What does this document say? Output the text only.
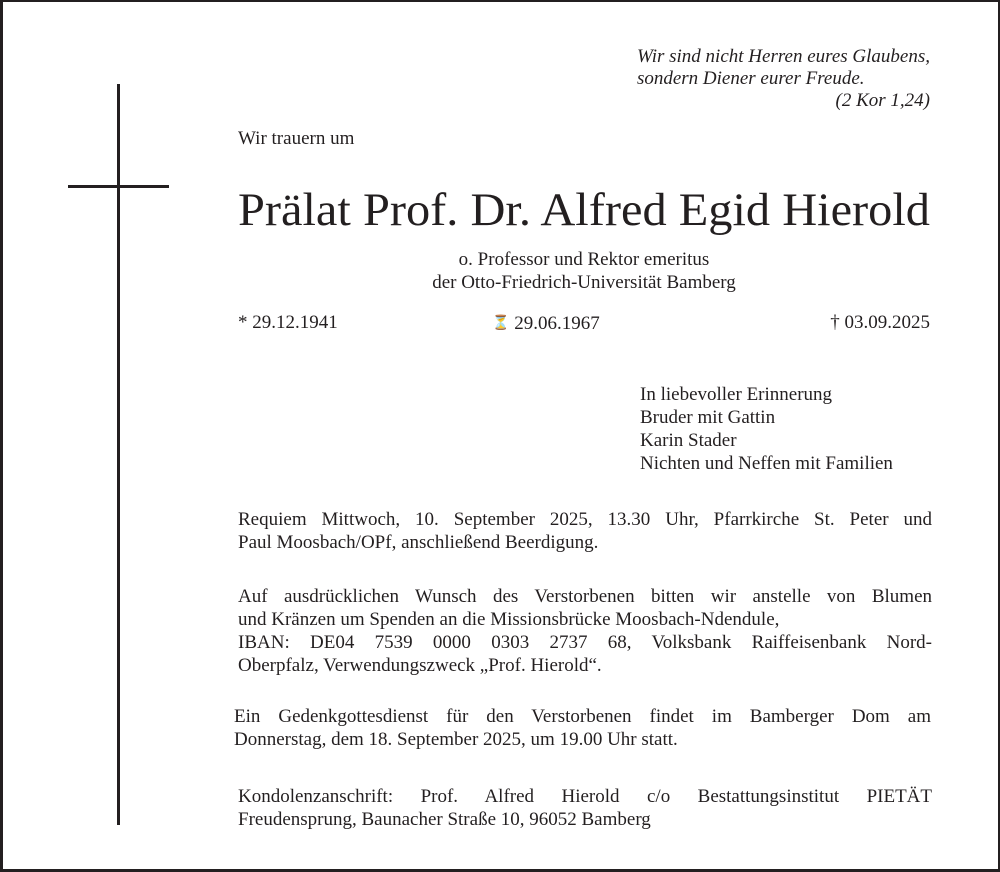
Wir sind nicht Herren eures Glaubens,
sondern Diener eurer Freude.
(2 Kor 1,24)
Wir trauern um
Prälat Prof. Dr. Alfred Egid Hierold
o. Professor und Rektor emeritus
der Otto-Friedrich-Universität Bamberg
* 29.12.1941	⏳ 29.06.1967	† 03.09.2025
In liebevoller Erinnerung
Bruder mit Gattin
Karin Stader
Nichten und Neffen mit Familien
Requiem Mittwoch, 10. September 2025, 13.30 Uhr, Pfarrkirche St. Peter und
Paul Moosbach/OPf, anschließend Beerdigung.
Auf ausdrücklichen Wunsch des Verstorbenen bitten wir anstelle von Blumen
und Kränzen um Spenden an die Missionsbrücke Moosbach-Ndendule,
IBAN: DE04 7539 0000 0303 2737 68, Volksbank Raiffeisenbank Nord-
Oberpfalz, Verwendungszweck „Prof. Hierold“.
Ein Gedenkgottesdienst für den Verstorbenen findet im Bamberger Dom am
Donnerstag, dem 18. September 2025, um 19.00 Uhr statt.
Kondolenzanschrift: Prof. Alfred Hierold c/o Bestattungsinstitut PIETÄT
Freudensprung, Baunacher Straße 10, 96052 Bamberg
